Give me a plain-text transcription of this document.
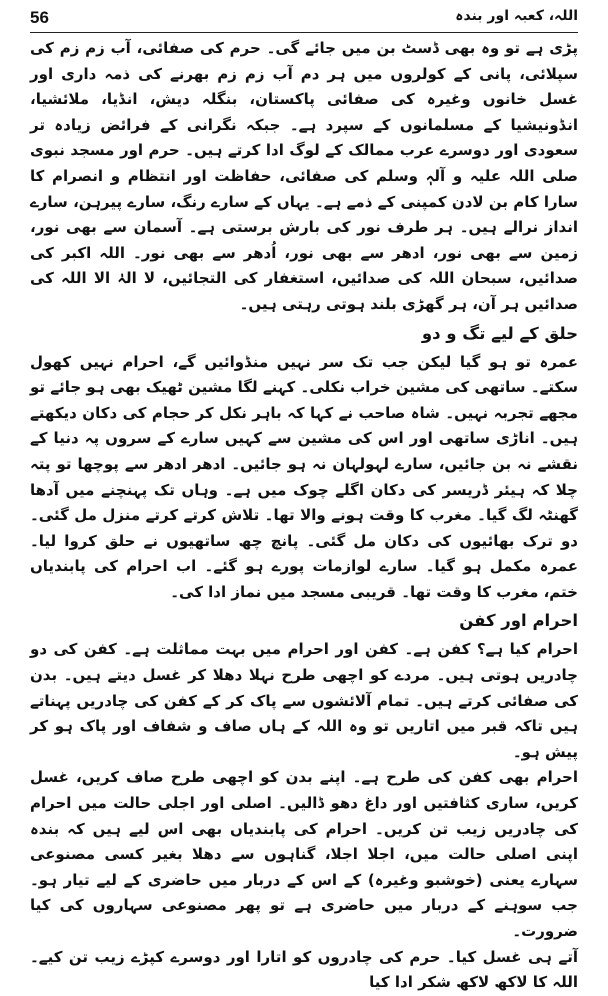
56	اللہ، کعبہ اور بندہ

پڑی ہے تو وہ بھی ڈسٹ بن میں جائے گی۔ حرم کی صفائی، آب زم زم کی سپلائی، پانی کے کولروں میں ہر دم آب زم زم بھرنے کی ذمہ داری اور غسل خانوں وغیرہ کی صفائی پاکستان، بنگلہ دیش، انڈیا، ملائشیا، انڈونیشیا کے مسلمانوں کے سپرد ہے۔ جبکہ نگرانی کے فرائض زیادہ تر سعودی اور دوسرے عرب ممالک کے لوگ ادا کرتے ہیں۔ حرم اور مسجد نبوی صلی اللہ علیہ و آلہٖ وسلم کی صفائی، حفاظت اور انتظام و انصرام کا سارا کام بن لادن کمپنی کے ذمے ہے۔ یہاں کے سارے رنگ، سارے پیرہن، سارے انداز نرالے ہیں۔ ہر طرف نور کی بارش برستی ہے۔ آسمان سے بھی نور، زمین سے بھی نور، ادھر سے بھی نور، اُدھر سے بھی نور۔ اللہ اکبر کی صدائیں، سبحان اللہ کی صدائیں، استغفار کی التجائیں، لا الہٰ الا اللہ کی صدائیں ہر آن، ہر گھڑی بلند ہوتی رہتی ہیں۔

حلق کے لیے تگ و دو

عمرہ تو ہو گیا لیکن جب تک سر نہیں منڈوائیں گے، احرام نہیں کھول سکتے۔ ساتھی کی مشین خراب نکلی۔ کہنے لگا مشین ٹھیک بھی ہو جائے تو مجھے تجربہ نہیں۔ شاہ صاحب نے کہا کہ باہر نکل کر حجام کی دکان دیکھتے ہیں۔ اناڑی ساتھی اور اس کی مشین سے کہیں سارے کے سروں پہ دنیا کے نقشے نہ بن جائیں، سارے لہولہان نہ ہو جائیں۔ ادھر ادھر سے پوچھا تو پتہ چلا کہ ہیئر ڈریسر کی دکان اگلے چوک میں ہے۔ وہاں تک پہنچنے میں آدھا گھنٹہ لگ گیا۔ مغرب کا وقت ہونے والا تھا۔ تلاش کرتے کرتے منزل مل گئی۔ دو ترک بھائیوں کی دکان مل گئی۔ پانچ چھ ساتھیوں نے حلق کروا لیا۔ عمرہ مکمل ہو گیا۔ سارے لوازمات پورے ہو گئے۔ اب احرام کی پابندیاں ختم، مغرب کا وقت تھا۔ قریبی مسجد میں نماز ادا کی۔

احرام اور کفن

احرام کیا ہے؟ کفن ہے۔ کفن اور احرام میں بہت مماثلت ہے۔ کفن کی دو چادریں ہوتی ہیں۔ مردے کو اچھی طرح نہلا دھلا کر غسل دیتے ہیں۔ بدن کی صفائی کرتے ہیں۔ تمام آلائشوں سے پاک کر کے کفن کی چادریں پہناتے ہیں تاکہ قبر میں اتاریں تو وہ اللہ کے ہاں صاف و شفاف اور پاک ہو کر پیش ہو۔

احرام بھی کفن کی طرح ہے۔ اپنے بدن کو اچھی طرح صاف کریں، غسل کریں، ساری کثافتیں اور داغ دھو ڈالیں۔ اصلی اور اجلی حالت میں احرام کی چادریں زیب تن کریں۔ احرام کی پابندیاں بھی اس لیے ہیں کہ بندہ اپنی اصلی حالت میں، اجلا اجلا، گناہوں سے دھلا بغیر کسی مصنوعی سہارے یعنی (خوشبو وغیرہ) کے اس کے دربار میں حاضری کے لیے تیار ہو۔ جب سوہنے کے دربار میں حاضری ہے تو پھر مصنوعی سہاروں کی کیا ضرورت۔

آتے ہی غسل کیا۔ حرم کی چادروں کو اتارا اور دوسرے کپڑے زیب تن کیے۔ اللہ کا لاکھ لاکھ شکر ادا کیا
